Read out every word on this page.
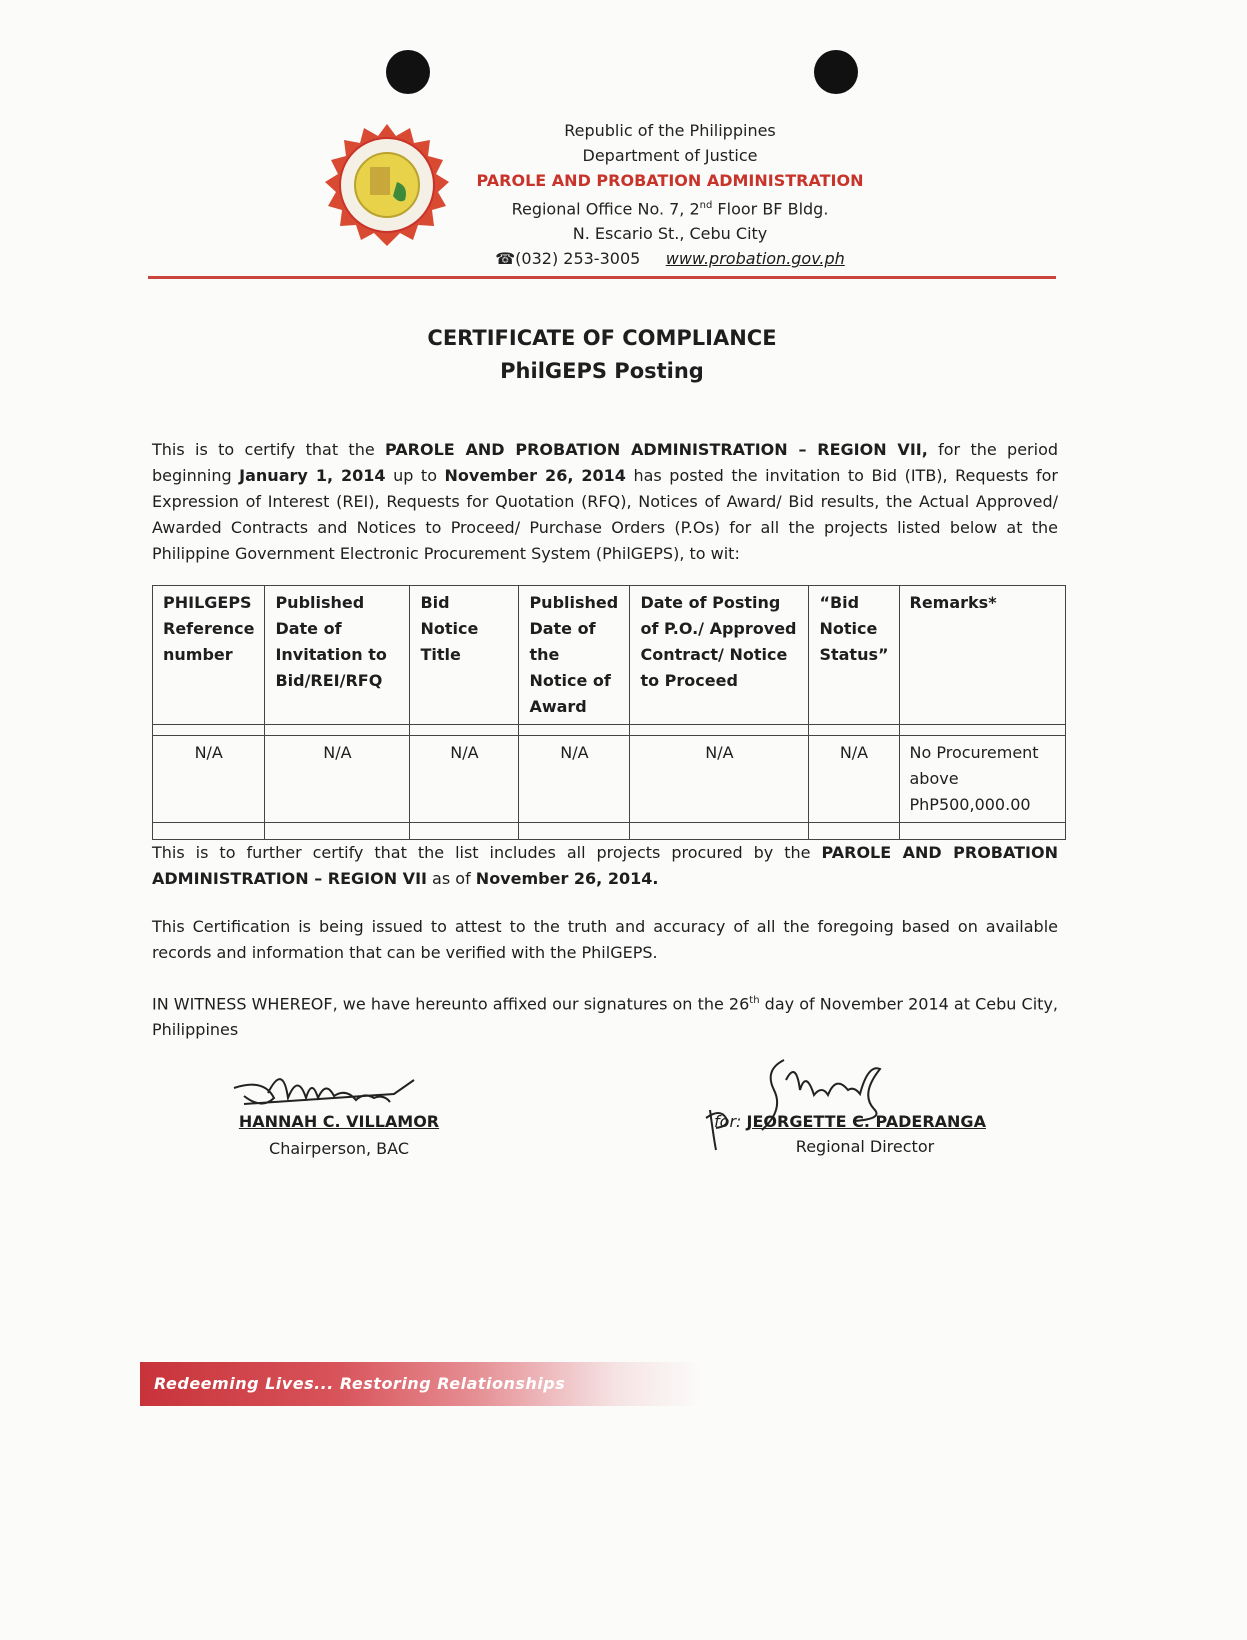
Republic of the Philippines
Department of Justice
PAROLE AND PROBATION ADMINISTRATION
Regional Office No. 7, 2nd Floor BF Bldg.
N. Escario St., Cebu City
☎(032) 253-3005 www.probation.gov.ph
CERTIFICATE OF COMPLIANCE
PhilGEPS Posting
This is to certify that the PAROLE AND PROBATION ADMINISTRATION – REGION VII, for the period beginning January 1, 2014 up to November 26, 2014 has posted the invitation to Bid (ITB), Requests for Expression of Interest (REI), Requests for Quotation (RFQ), Notices of Award/ Bid results, the Actual Approved/ Awarded Contracts and Notices to Proceed/ Purchase Orders (P.Os) for all the projects listed below at the Philippine Government Electronic Procurement System (PhilGEPS), to wit:
PHILGEPS Reference number	Published Date of Invitation to Bid/REI/RFQ	Bid Notice Title	Published Date of the Notice of Award	Date of Posting of P.O./ Approved Contract/ Notice to Proceed	“Bid Notice Status”	Remarks*

N/A	N/A	N/A	N/A	N/A	N/A	No Procurement above PhP500,000.00

This is to further certify that the list includes all projects procured by the PAROLE AND PROBATION ADMINISTRATION – REGION VII as of November 26, 2014.
This Certification is being issued to attest to the truth and accuracy of all the foregoing based on available records and information that can be verified with the PhilGEPS.
IN WITNESS WHEREOF, we have hereunto affixed our signatures on the 26th day of November 2014 at Cebu City, Philippines
HANNAH C. VILLAMOR
Chairperson, BAC
for: JEORGETTE C. PADERANGA
Regional Director
Redeeming Lives... Restoring Relationships
